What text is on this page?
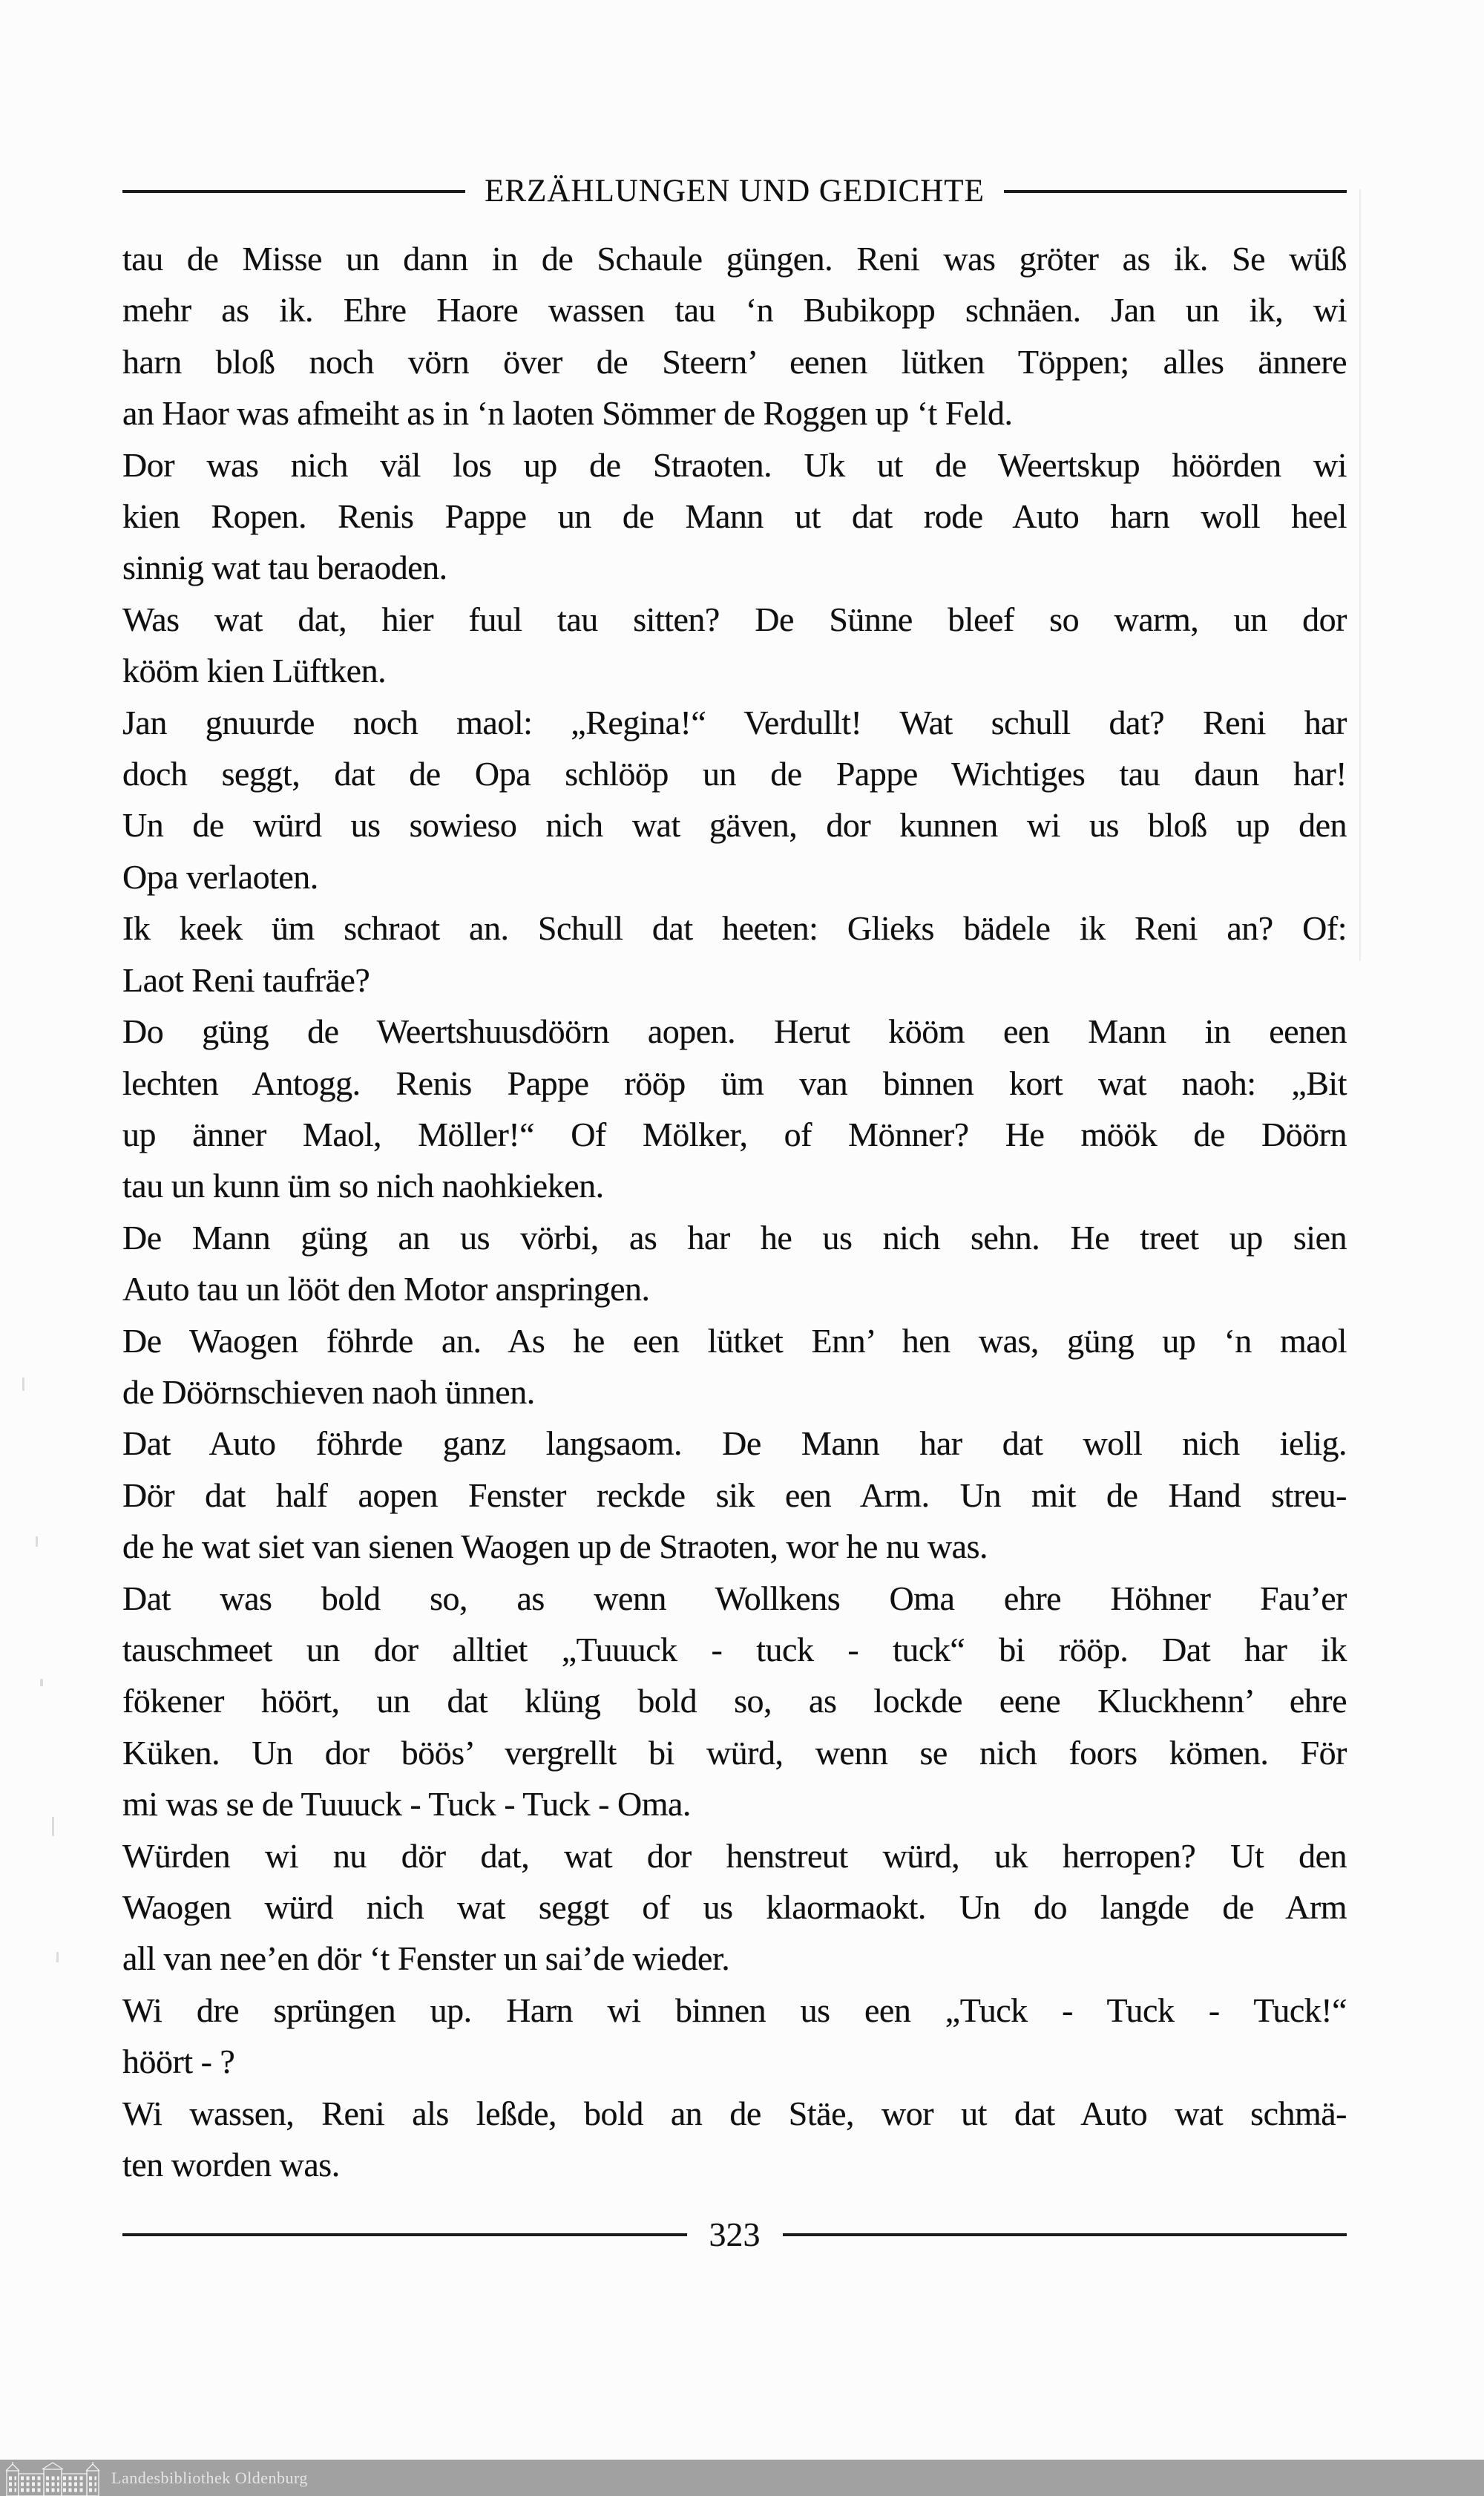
ERZÄHLUNGEN UND GEDICHTE
tau de Misse un dann in de Schaule güngen. Reni was gröter as ik. Se wüß
mehr as ik. Ehre Haore wassen tau ‘n Bubikopp schnäen. Jan un ik, wi
harn bloß noch vörn över de Steern’ eenen lütken Töppen; alles ännere
an Haor was afmeiht as in ‘n laoten Sömmer de Roggen up ‘t Feld.
Dor was nich väl los up de Straoten. Uk ut de Weertskup höörden wi
kien Ropen. Renis Pappe un de Mann ut dat rode Auto harn woll heel
sinnig wat tau beraoden.
Was wat dat, hier fuul tau sitten? De Sünne bleef so warm, un dor
kööm kien Lüftken.
Jan gnuurde noch maol: „Regina!“ Verdullt! Wat schull dat? Reni har
doch seggt, dat de Opa schlööp un de Pappe Wichtiges tau daun har!
Un de würd us sowieso nich wat gäven, dor kunnen wi us bloß up den
Opa verlaoten.
Ik keek üm schraot an. Schull dat heeten: Glieks bädele ik Reni an? Of:
Laot Reni taufräe?
Do güng de Weertshuusdöörn aopen. Herut kööm een Mann in eenen
lechten Antogg. Renis Pappe rööp üm van binnen kort wat naoh: „Bit
up änner Maol, Möller!“ Of Mölker, of Mönner? He möök de Döörn
tau un kunn üm so nich naohkieken.
De Mann güng an us vörbi, as har he us nich sehn. He treet up sien
Auto tau un lööt den Motor anspringen.
De Waogen föhrde an. As he een lütket Enn’ hen was, güng up ‘n maol
de Döörnschieven naoh ünnen.
Dat Auto föhrde ganz langsaom. De Mann har dat woll nich ielig.
Dör dat half aopen Fenster reckde sik een Arm. Un mit de Hand streu-
de he wat siet van sienen Waogen up de Straoten, wor he nu was.
Dat was bold so, as wenn Wollkens Oma ehre Höhner Fau’er
tauschmeet un dor alltiet „Tuuuck - tuck - tuck“ bi rööp. Dat har ik
fökener höört, un dat klüng bold so, as lockde eene Kluckhenn’ ehre
Küken. Un dor böös’ vergrellt bi würd, wenn se nich foors kömen. För
mi was se de Tuuuck - Tuck - Tuck - Oma.
Würden wi nu dör dat, wat dor henstreut würd, uk herropen? Ut den
Waogen würd nich wat seggt of us klaormaokt. Un do langde de Arm
all van nee’en dör ‘t Fenster un sai’de wieder.
Wi dre sprüngen up. Harn wi binnen us een „Tuck - Tuck - Tuck!“
höört - ?
Wi wassen, Reni als leßde, bold an de Stäe, wor ut dat Auto wat schmä-
ten worden was.
323
Landesbibliothek Oldenburg
